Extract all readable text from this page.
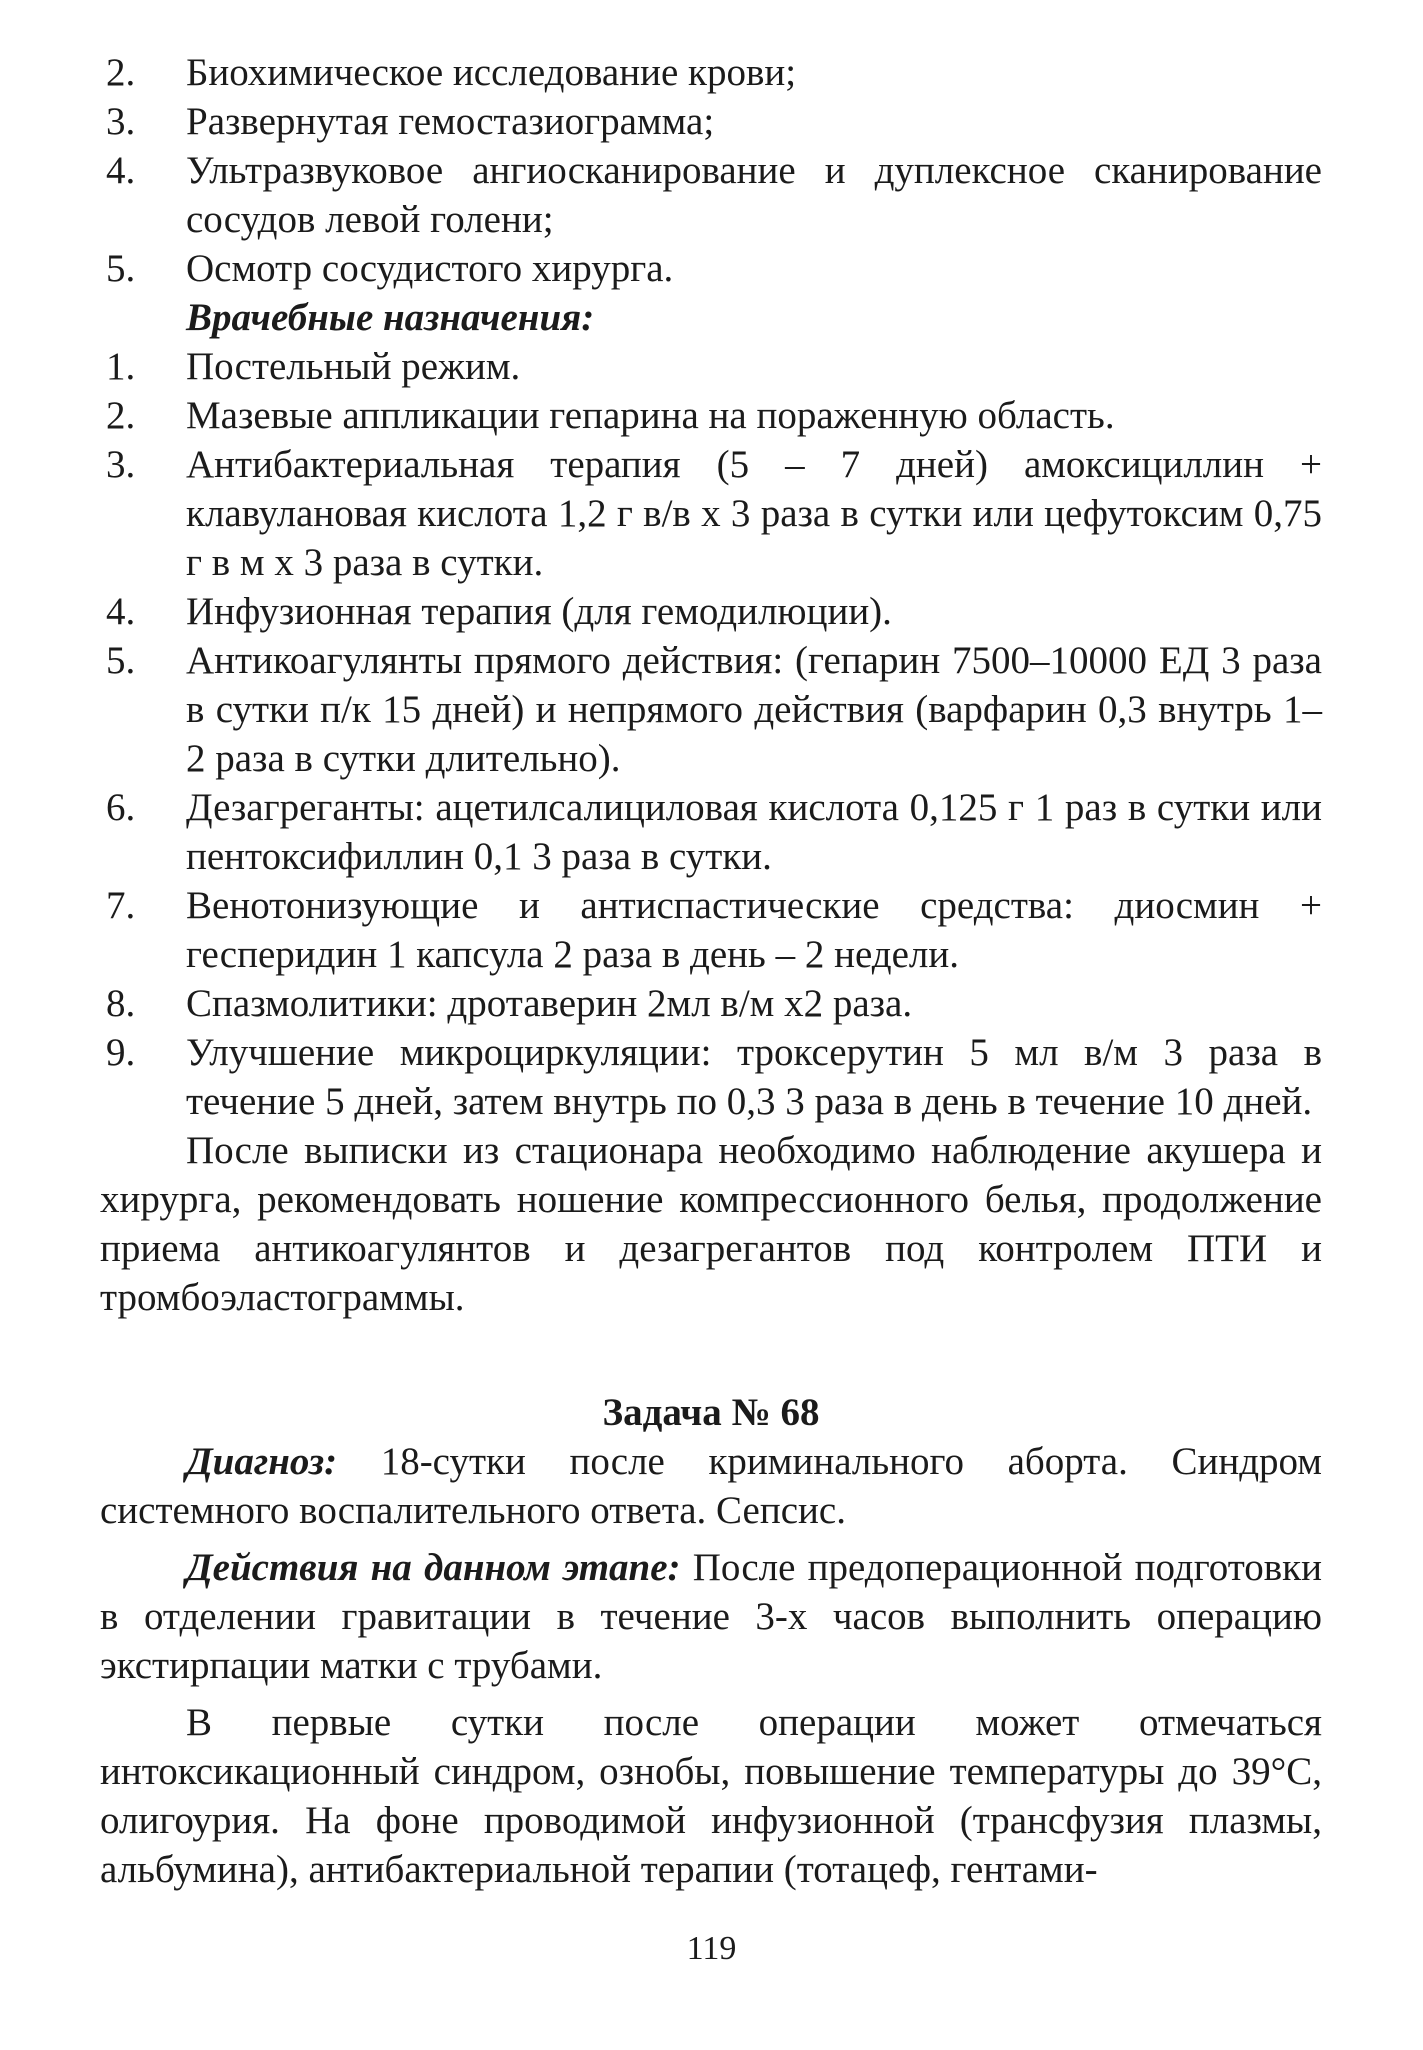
2. Биохимическое исследование крови;
3. Развернутая гемостазиограмма;
4. Ультразвуковое ангиосканирование и дуплексное сканирование сосудов левой голени;
5. Осмотр сосудистого хирурга.

Врачебные назначения:

1. Постельный режим.
2. Мазевые аппликации гепарина на пораженную область.
3. Антибактериальная терапия (5 – 7 дней) амоксициллин + клавулановая кислота 1,2 г в/в х 3 раза в сутки или цефутоксим 0,75 г в м х 3 раза в сутки.
4. Инфузионная терапия (для гемодилюции).
5. Антикоагулянты прямого действия: (гепарин 7500–10000 ЕД 3 раза в сутки п/к 15 дней) и непрямого действия (варфарин 0,3 внутрь 1–2 раза в сутки длительно).
6. Дезагреганты: ацетилсалициловая кислота 0,125 г 1 раз в сутки или пентоксифиллин 0,1 3 раза в сутки.
7. Венотонизующие и антиспастические средства: диосмин + гесперидин 1 капсула 2 раза в день – 2 недели.
8. Спазмолитики: дротаверин 2мл в/м х2 раза.
9. Улучшение микроциркуляции: троксерутин 5 мл в/м 3 раза в течение 5 дней, затем внутрь по 0,3 3 раза в день в течение 10 дней.

После выписки из стационара необходимо наблюдение акушера и хирурга, рекомендовать ношение компрессионного белья, продолжение приема антикоагулянтов и дезагрегантов под контролем ПТИ и тромбоэластограммы.

Задача № 68

Диагноз: 18-сутки после криминального аборта. Синдром системного воспалительного ответа. Сепсис.

Действия на данном этапе: После предоперационной подготовки в отделении гравитации в течение 3-х часов выполнить операцию экстирпации матки с трубами.

В первые сутки после операции может отмечаться интоксикационный синдром, ознобы, повышение температуры до 39°С, олигоурия. На фоне проводимой инфузионной (трансфузия плазмы, альбумина), антибактериальной терапии (тотацеф, гентами-

119
